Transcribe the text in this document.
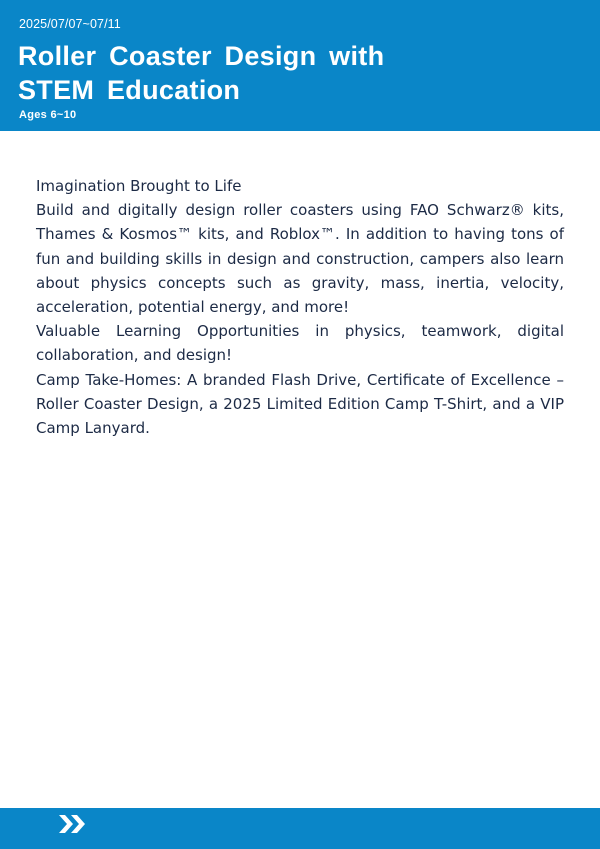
2025/07/07~07/11
Roller Coaster Design with STEM Education
Ages 6~10

Imagination Brought to Life

Build and digitally design roller coasters using FAO Schwarz® kits, Thames & Kosmos™ kits, and Roblox™. In addition to having tons of fun and building skills in design and construction, campers also learn about physics concepts such as gravity, mass, inertia, velocity, acceleration, potential energy, and more!

Valuable Learning Opportunities in physics, teamwork, digital collaboration, and design!

Camp Take-Homes: A branded Flash Drive, Certificate of Excellence – Roller Coaster Design, a 2025 Limited Edition Camp T-Shirt, and a VIP Camp Lanyard.
